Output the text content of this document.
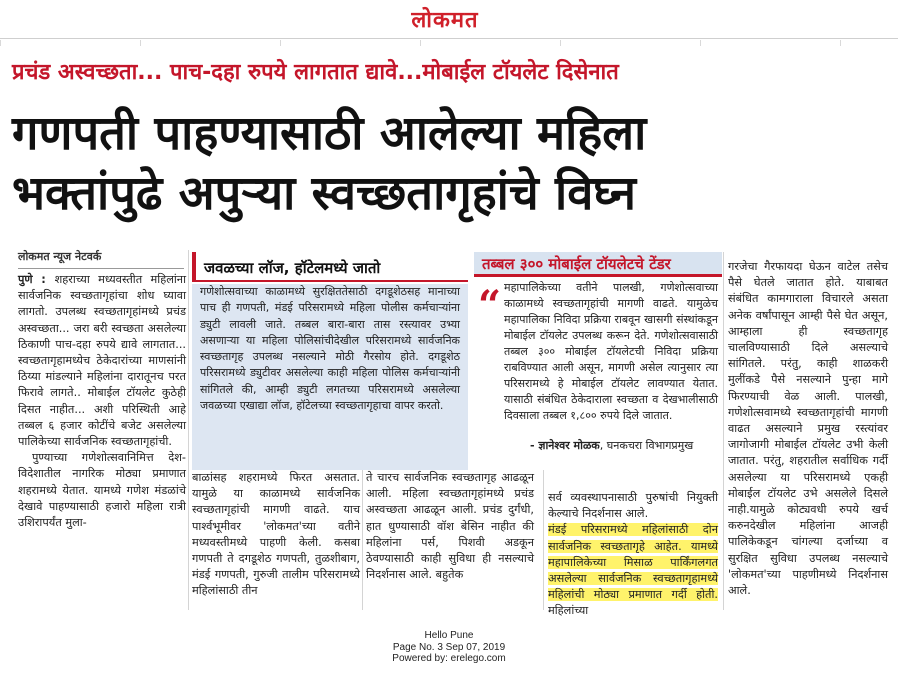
लोकमत
प्रचंड अस्वच्छता... पाच-दहा रुपये लागतात द्यावे...मोबाईल टॉयलेट दिसेनात
गणपती पाहण्यासाठी आलेल्या महिला
भक्तांपुढे अपुऱ्या स्वच्छतागृहांचे विघ्न
लोकमत न्यूज नेटवर्क

पुणे : शहराच्या मध्यवस्तीत महिलांना सार्वजनिक स्वच्छतागृहांचा शोध घ्यावा लागतो. उपलब्ध स्वच्छतागृहांमध्ये प्रचंड अस्वच्छता... जरा बरी स्वच्छता असलेल्या ठिकाणी पाच-दहा रुपये द्यावे लागतात... स्वच्छतागृहामध्येच ठेकेदारांच्या माणसांनी ठिय्या मांडल्याने महिलांना दारातूनच परत फिरावे लागते.. मोबाईल टॉयलेट कुठेही दिसत नाहीत... अशी परिस्थिती आहे तब्बल ६ हजार कोटींचे बजेट असलेल्या पालिकेच्या सार्वजनिक स्वच्छतागृहांची.

पुण्याच्या गणेशोत्सवानिमित्त देश-विदेशातील नागरिक मोठ्या प्रमाणात शहरामध्ये येतात. यामध्ये गणेश मंडळांचे देखावे पाहण्यासाठी हजारो महिला रात्री उशिरापर्यंत मुला-

जवळच्या लॉज, हॉटेलमध्ये जातो
गणेशोत्सवाच्या काळामध्ये सुरक्षिततेसाठी दगडूशेठसह मानाच्या पाच ही गणपती, मंडई परिसरामध्ये महिला पोलीस कर्मचाऱ्यांना ड्युटी लावली जाते. तब्बल बारा-बारा तास रस्त्यावर उभ्या असणाऱ्या या महिला पोलिसांचीदेखील परिसरामध्ये सार्वजनिक स्वच्छतागृह उपलब्ध नसल्याने मोठी गैरसोय होते. दगडूशेठ परिसरामध्ये ड्युटीवर असलेल्या काही महिला पोलिस कर्मचाऱ्यांनी सांगितले की, आम्ही ड्युटी लगतच्या परिसरामध्ये असलेल्या जवळच्या एखाद्या लॉज, हॉटेलच्या स्वच्छतागृहाचा वापर करतो.
तब्बल ३०० मोबाईल टॉयलेटचे टेंडर
“ महापालिकेच्या वतीने पालखी, गणेशोत्सवाच्या काळामध्ये स्वच्छतागृहांची मागणी वाढते. यामुळेच महापालिका निविदा प्रक्रिया राबवून खासगी संस्थांकडून मोबाईल टॉयलेट उपलब्ध करून देते. गणेशोत्सवासाठी तब्बल ३०० मोबाईल टॉयलेटची निविदा प्रक्रिया राबविण्यात आली असून, मागणी असेल त्यानुसार त्या परिसरामध्ये हे मोबाईल टॉयलेट लावण्यात येतात. यासाठी संबंधित ठेकेदाराला स्वच्छता व देखभालीसाठी दिवसाला तब्बल १,८०० रुपये दिले जातात.
- ज्ञानेश्वर मोळक, घनकचरा विभागप्रमुख
गरजेचा गैरफायदा घेऊन वाटेल तसेच पैसे घेतले जातात होते. याबाबत संबंधित कामगाराला विचारले असता अनेक वर्षांपासून आम्ही पैसे घेत असून, आम्हाला ही स्वच्छतागृह चालविण्यासाठी दिले असल्याचे सांगितले. परंतु, काही शाळकरी मुलींकडे पैसे नसल्याने पुन्हा मागे फिरण्याची वेळ आली. पालखी, गणेशोत्सवामध्ये स्वच्छतागृहांची मागणी वाढत असल्याने प्रमुख रस्त्यांवर जागोजागी मोबाईल टॉयलेट उभी केली जातात. परंतु, शहरातील सर्वाधिक गर्दी असलेल्या या परिसरामध्ये एकही मोबाईल टॉयलेट उभे असलेले दिसले नाही.यामुळे कोट्यवधी रुपये खर्च करुनदेखील महिलांना आजही पालिकेकडून चांगल्या दर्जाच्या व सुरक्षित सुविधा उपलब्ध नसल्याचे 'लोकमत'च्या पाहणीमध्ये निदर्शनास आले.
बाळांसह शहरामध्ये फिरत असतात. यामुळे या काळामध्ये सार्वजनिक स्वच्छतागृहांची मागणी वाढते. याच पार्श्वभूमीवर 'लोकमत'च्या वतीने मध्यवस्तीमध्ये पाहणी केली. कसबा गणपती ते दगडूशेठ गणपती, तुळशीबाग, मंडई गणपती, गुरुजी तालीम परिसरामध्ये महिलांसाठी तीन
ते चारच सार्वजनिक स्वच्छतागृह आढळून आली. महिला स्वच्छतागृहांमध्ये प्रचंड अस्वच्छता आढळून आली. प्रचंड दुर्गंधी, हात धुण्यासाठी वॉश बेसिन नाहीत की महिलांना पर्स, पिशवी अडकून ठेवण्यासाठी काही सुविधा ही नसल्याचे निदर्शनास आले. बहुतेक
सर्व व्यवस्थापनासाठी पुरुषांची नियुक्ती केल्याचे निदर्शनास आले.
मंडई परिसरामध्ये महिलांसाठी दोन सार्वजनिक स्वच्छतागृहे आहेत. यामध्ये महापालिकेच्या मिसाळ पार्किंगलगत असलेल्या सार्वजनिक स्वच्छतागृहामध्ये महिलांची मोठ्या प्रमाणात गर्दी होती. महिलांच्या
Hello Pune
Page No. 3 Sep 07, 2019
Powered by: erelego.com
